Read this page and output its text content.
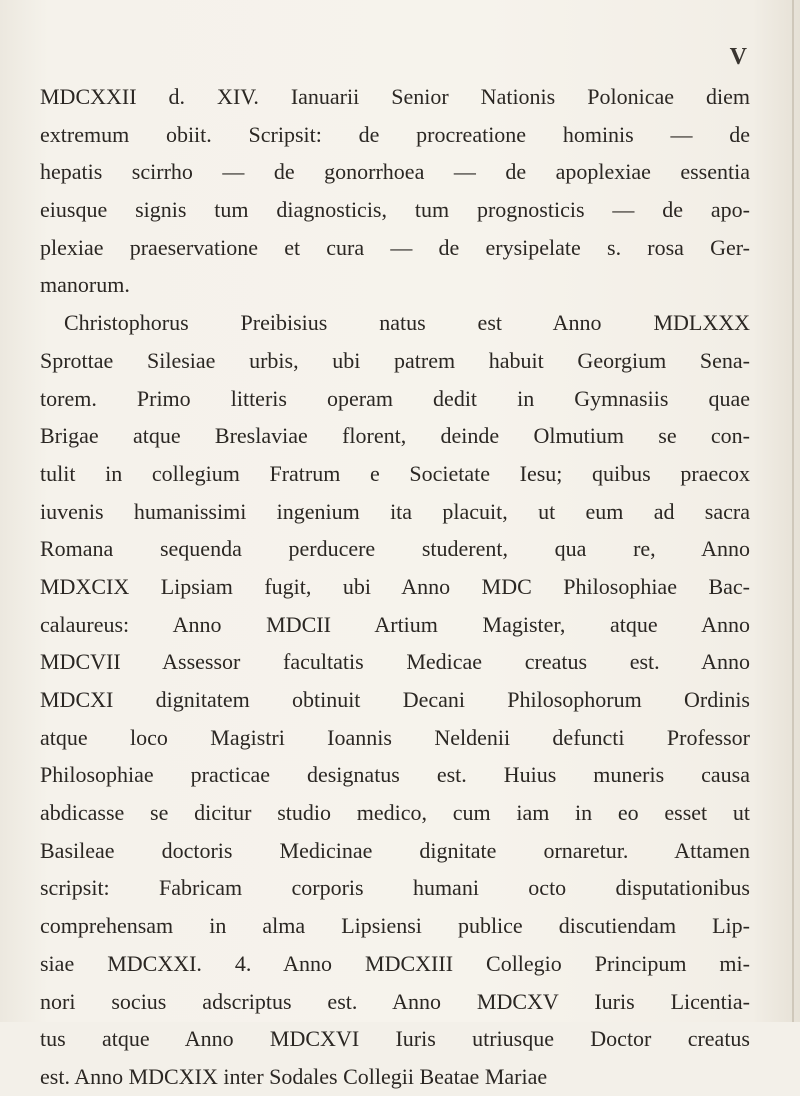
V
MDCXXII d. XIV. Ianuarii Senior Nationis Polonicae diem
extremum obiit. Scripsit: de procreatione hominis — de
hepatis scirrho — de gonorrhoea — de apoplexiae essentia
eiusque signis tum diagnosticis, tum prognosticis — de apo-
plexiae praeservatione et cura — de erysipelate s. rosa Ger-
manorum.
Christophorus Preibisius natus est Anno MDLXXX
Sprottae Silesiae urbis, ubi patrem habuit Georgium Sena-
torem. Primo litteris operam dedit in Gymnasiis quae
Brigae atque Breslaviae florent, deinde Olmutium se con-
tulit in collegium Fratrum e Societate Iesu; quibus praecox
iuvenis humanissimi ingenium ita placuit, ut eum ad sacra
Romana sequenda perducere studerent, qua re, Anno
MDXCIX Lipsiam fugit, ubi Anno MDC Philosophiae Bac-
calaureus: Anno MDCII Artium Magister, atque Anno
MDCVII Assessor facultatis Medicae creatus est. Anno
MDCXI dignitatem obtinuit Decani Philosophorum Ordinis
atque loco Magistri Ioannis Neldenii defuncti Professor
Philosophiae practicae designatus est. Huius muneris causa
abdicasse se dicitur studio medico, cum iam in eo esset ut
Basileae doctoris Medicinae dignitate ornaretur. Attamen
scripsit: Fabricam corporis humani octo disputationibus
comprehensam in alma Lipsiensi publice discutiendam Lip-
siae MDCXXI. 4. Anno MDCXIII Collegio Principum mi-
nori socius adscriptus est. Anno MDCXV Iuris Licentia-
tus atque Anno MDCXVI Iuris utriusque Doctor creatus
est. Anno MDCXIX inter Sodales Collegii Beatae Mariae
